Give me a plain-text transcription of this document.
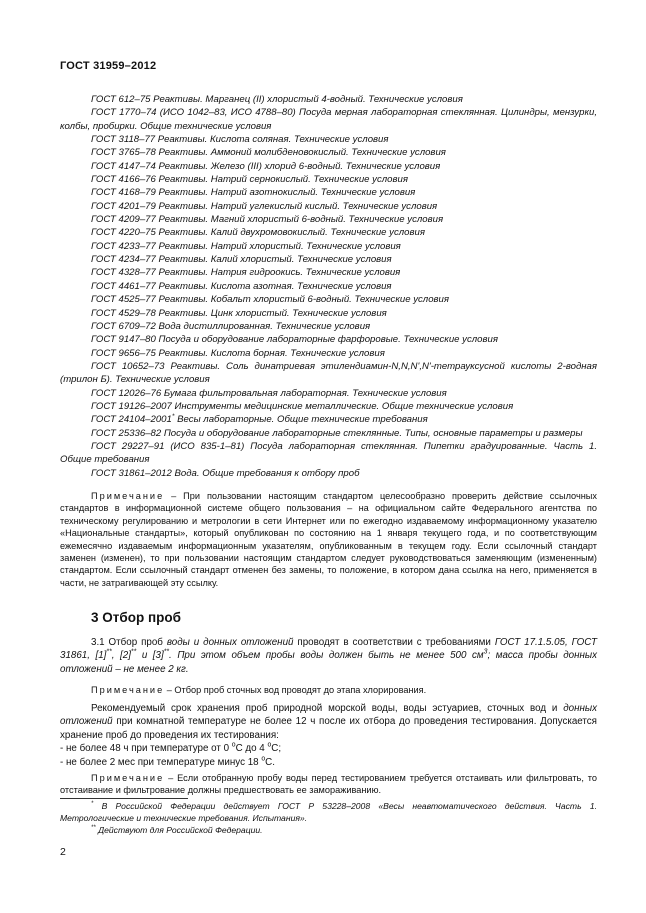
ГОСТ 31959–2012

ГОСТ 612–75 Реактивы. Марганец (II) хлористый 4-водный. Технические условия

ГОСТ 1770–74 (ИСО 1042–83, ИСО 4788–80) Посуда мерная лабораторная стеклянная. Цилиндры, мензурки, колбы, пробирки. Общие технические условия

ГОСТ 3118–77 Реактивы. Кислота соляная. Технические условия

ГОСТ 3765–78 Реактивы. Аммоний молибденовокислый. Технические условия

ГОСТ 4147–74 Реактивы. Железо (III) хлорид 6-водный. Технические условия

ГОСТ 4166–76 Реактивы. Натрий сернокислый. Технические условия

ГОСТ 4168–79 Реактивы. Натрий азотнокислый. Технические условия

ГОСТ 4201–79 Реактивы. Натрий углекислый кислый. Технические условия

ГОСТ 4209–77 Реактивы. Магний хлористый 6-водный. Технические условия

ГОСТ 4220–75 Реактивы. Калий двухромовокислый. Технические условия

ГОСТ 4233–77 Реактивы. Натрий хлористый. Технические условия

ГОСТ 4234–77 Реактивы. Калий хлористый. Технические условия

ГОСТ 4328–77 Реактивы. Натрия гидроокись. Технические условия

ГОСТ 4461–77 Реактивы. Кислота азотная. Технические условия

ГОСТ 4525–77 Реактивы. Кобальт хлористый 6-водный. Технические условия

ГОСТ 4529–78 Реактивы. Цинк хлористый. Технические условия

ГОСТ 6709–72 Вода дистиллированная. Технические условия

ГОСТ 9147–80 Посуда и оборудование лабораторные фарфоровые. Технические условия

ГОСТ 9656–75 Реактивы. Кислота борная. Технические условия

ГОСТ 10652–73 Реактивы. Соль динатриевая этилендиамин-N,N,N',N'-тетрауксусной кислоты 2-водная (трилон Б). Технические условия

ГОСТ 12026–76 Бумага фильтровальная лабораторная. Технические условия

ГОСТ 19126–2007 Инструменты медицинские металлические. Общие технические условия

ГОСТ 24104–2001* Весы лабораторные. Общие технические требования

ГОСТ 25336–82 Посуда и оборудование лабораторные стеклянные. Типы, основные параметры и размеры

ГОСТ 29227–91 (ИСО 835-1–81) Посуда лабораторная стеклянная. Пипетки градуированные. Часть 1. Общие требования

ГОСТ 31861–2012 Вода. Общие требования к отбору проб

Примечание – При пользовании настоящим стандартом целесообразно проверить действие ссылочных стандартов в информационной системе общего пользования – на официальном сайте Федерального агентства по техническому регулированию и метрологии в сети Интернет или по ежегодно издаваемому информационному указателю «Национальные стандарты», который опубликован по состоянию на 1 января текущего года, и по соответствующим ежемесячно издаваемым информационным указателям, опубликованным в текущем году. Если ссылочный стандарт заменен (изменен), то при пользовании настоящим стандартом следует руководствоваться заменяющим (измененным) стандартом. Если ссылочный стандарт отменен без замены, то положение, в котором дана ссылка на него, применяется в части, не затрагивающей эту ссылку.

3 Отбор проб

3.1 Отбор проб воды и донных отложений проводят в соответствии с требованиями ГОСТ 17.1.5.05, ГОСТ 31861, [1]**, [2]** и [3]**. При этом объем пробы воды должен быть не менее 500 $см^3$; масса пробы донных отложений – не менее 2 кг.

Примечание – Отбор проб сточных вод проводят до этапа хлорирования.

Рекомендуемый срок хранения проб природной морской воды, воды эстуариев, сточных вод и донных отложений при комнатной температуре не более 12 ч после их отбора до проведения тестирования. Допускается хранение проб до проведения их тестирования:

- не более 48 ч при температуре от 0 $^о$С до 4 $^о$С;
- не более 2 мес при температуре минус 18 $^о$С.

Примечание – Если отобранную пробу воды перед тестированием требуется отстаивать или фильтровать, то отстаивание и фильтрование должны предшествовать ее замораживанию.

* В Российской Федерации действует ГОСТ Р 53228–2008 «Весы неавтоматического действия. Часть 1. Метрологические и технические требования. Испытания».

** Действуют для Российской Федерации.

2
